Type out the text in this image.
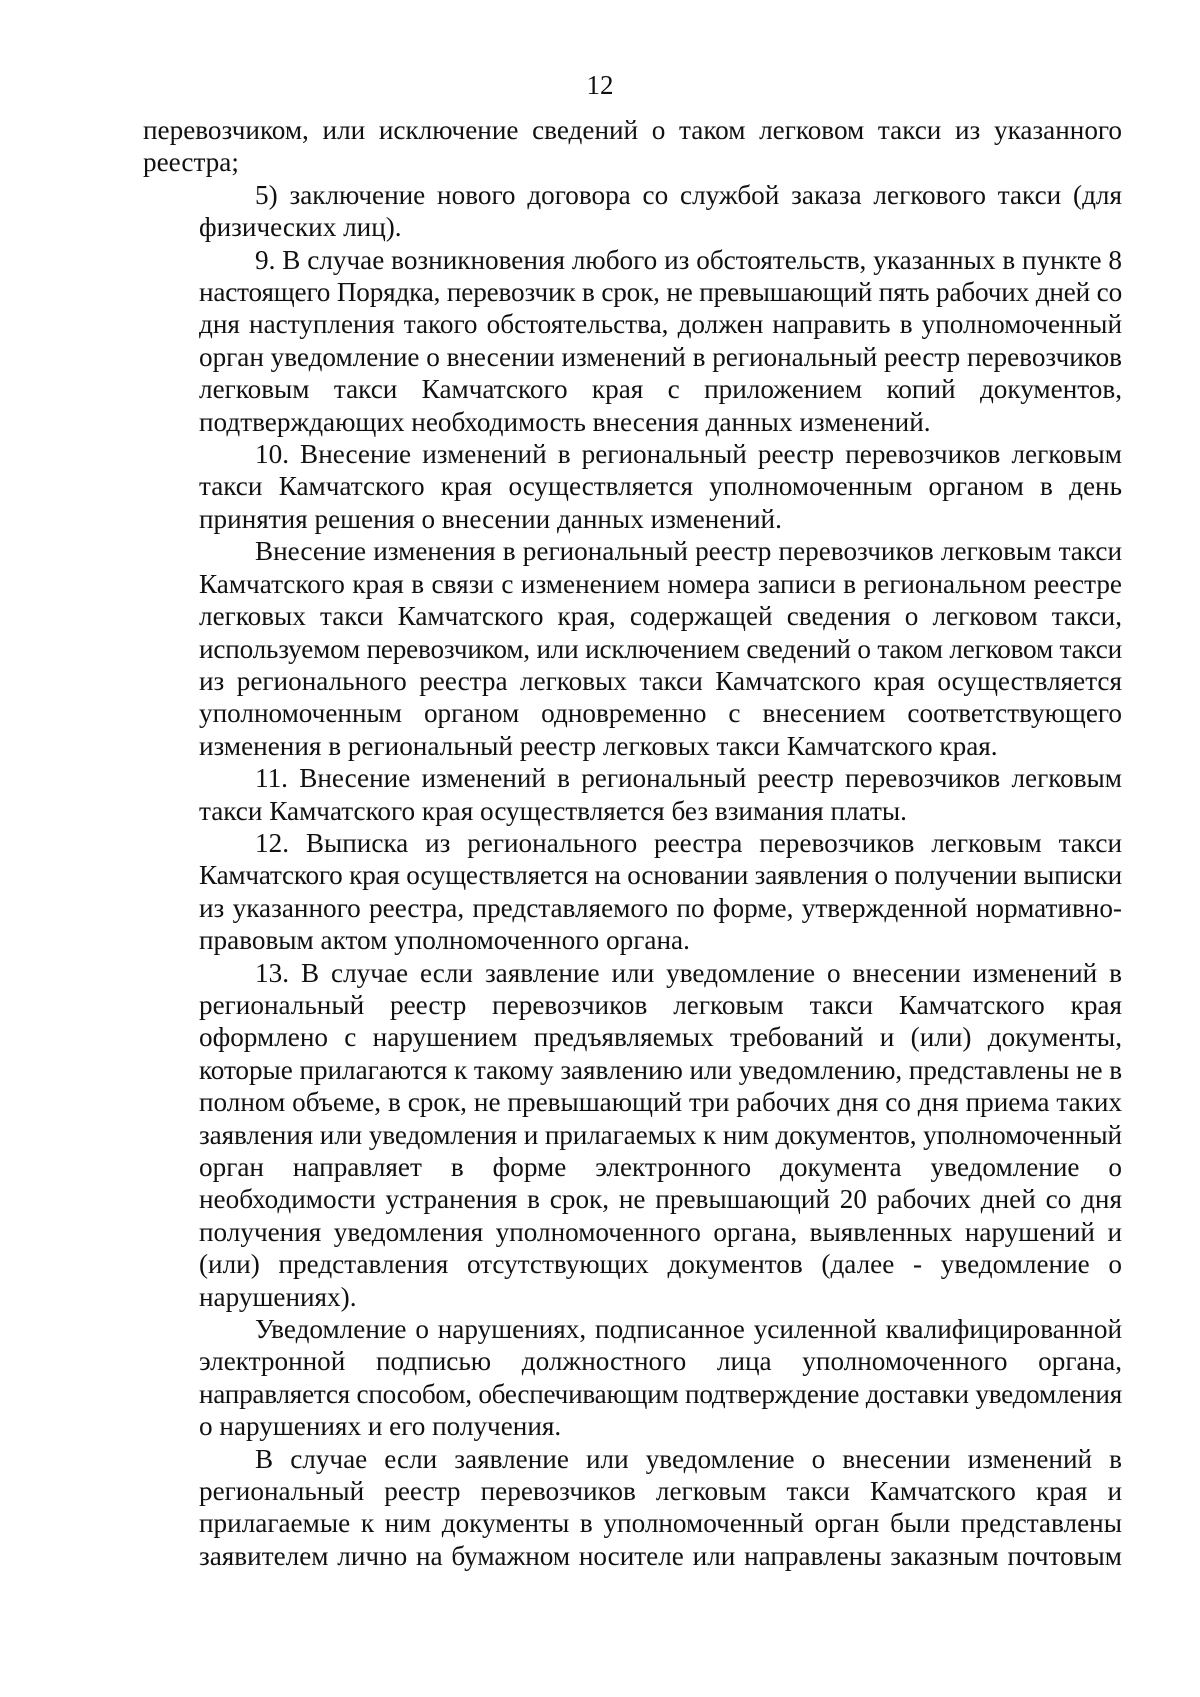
12

перевозчиком, или исключение сведений о таком легковом такси из указанного
реестра;

5) заключение нового договора со службой заказа легкового такси (для
физических лиц).

9. В случае возникновения любого из обстоятельств, указанных в пункте 8
настоящего Порядка, перевозчик в срок, не превышающий пять рабочих дней со
дня наступления такого обстоятельства, должен направить в уполномоченный
орган уведомление о внесении изменений в региональный реестр перевозчиков
легковым такси Камчатского края с приложением копий документов,
подтверждающих необходимость внесения данных изменений.

10. Внесение изменений в региональный реестр перевозчиков легковым
такси Камчатского края осуществляется уполномоченным органом в день
принятия решения о внесении данных изменений.

Внесение изменения в региональный реестр перевозчиков легковым такси
Камчатского края в связи с изменением номера записи в региональном реестре
легковых такси Камчатского края, содержащей сведения о легковом такси,
используемом перевозчиком, или исключением сведений о таком легковом такси
из регионального реестра легковых такси Камчатского края осуществляется
уполномоченным органом одновременно с внесением соответствующего
изменения в региональный реестр легковых такси Камчатского края.

11. Внесение изменений в региональный реестр перевозчиков легковым
такси Камчатского края осуществляется без взимания платы.

12. Выписка из регионального реестра перевозчиков легковым такси
Камчатского края осуществляется на основании заявления о получении выписки
из указанного реестра, представляемого по форме, утвержденной нормативно-
правовым актом уполномоченного органа.

13. В случае если заявление или уведомление о внесении изменений в
региональный реестр перевозчиков легковым такси Камчатского края
оформлено с нарушением предъявляемых требований и (или) документы,
которые прилагаются к такому заявлению или уведомлению, представлены не в
полном объеме, в срок, не превышающий три рабочих дня со дня приема таких
заявления или уведомления и прилагаемых к ним документов, уполномоченный
орган направляет в форме электронного документа уведомление о
необходимости устранения в срок, не превышающий 20 рабочих дней со дня
получения уведомления уполномоченного органа, выявленных нарушений и
(или) представления отсутствующих документов (далее - уведомление о
нарушениях).

Уведомление о нарушениях, подписанное усиленной квалифицированной
электронной подписью должностного лица уполномоченного органа,
направляется способом, обеспечивающим подтверждение доставки уведомления
о нарушениях и его получения.

В случае если заявление или уведомление о внесении изменений в
региональный реестр перевозчиков легковым такси Камчатского края и
прилагаемые к ним документы в уполномоченный орган были представлены
заявителем лично на бумажном носителе или направлены заказным почтовым
